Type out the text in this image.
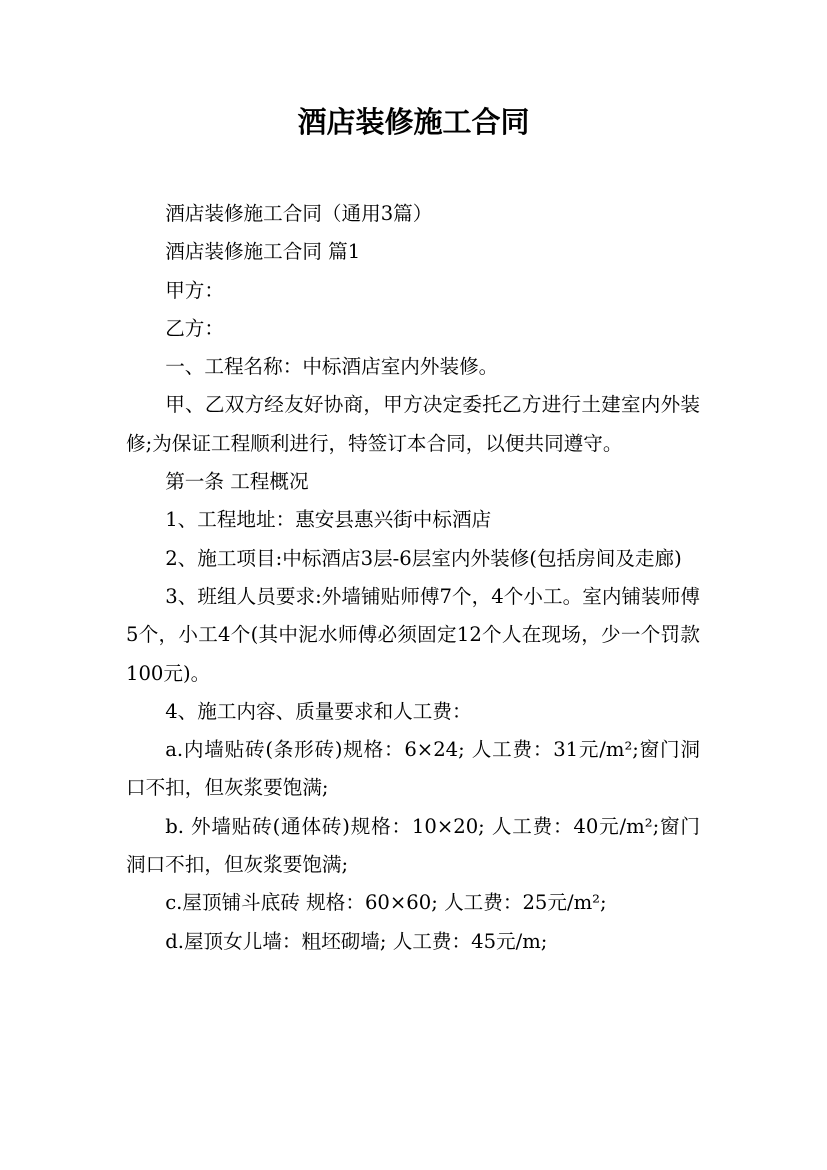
酒店装修施工合同

酒店装修施工合同（通用3篇）

酒店装修施工合同 篇1

甲方：

乙方：

一、工程名称：中标酒店室内外装修。

甲、乙双方经友好协商，甲方决定委托乙方进行土建室内外装修;为保证工程顺利进行，特签订本合同，以便共同遵守。

第一条 工程概况

1、工程地址：惠安县惠兴街中标酒店

2、施工项目:中标酒店3层-6层室内外装修(包括房间及走廊)

3、班组人员要求:外墙铺贴师傅7个，4个小工。室内铺装师傅5个，小工4个(其中泥水师傅必须固定12个人在现场，少一个罚款100元)。

4、施工内容、质量要求和人工费：

a.内墙贴砖(条形砖)规格：6×24; 人工费：31元/m²;窗门洞口不扣，但灰浆要饱满;

b. 外墙贴砖(通体砖)规格：10×20; 人工费：40元/m²;窗门洞口不扣，但灰浆要饱满;

c.屋顶铺斗底砖 规格：60×60; 人工费：25元/m²;

d.屋顶女儿墙：粗坯砌墙; 人工费：45元/m;
